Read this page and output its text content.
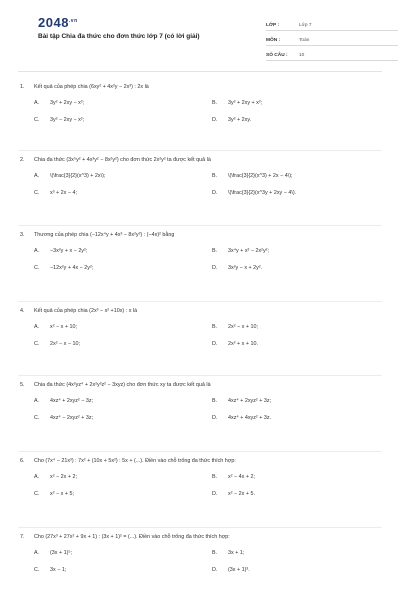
$2048^{.vn}$
Bài tập Chia đa thức cho đơn thức lớp 7 (có lời giải)
LỚP :	Lớp 7
MÔN :	Toán
SỐ CÂU :	10
1.	Kết quả của phép chia (6xy² + 4x²y − 2x³) : 2x là
A.	3y² + 2xy − x²;	B.	3y² + 2xy + x²;
C.	3y² − 2xy − x²;	D.	3y² + 2xy.
2.	Chia đa thức (3x⁵y² + 4x³y² − 8x²y²) cho đơn thức 2x²y² ta được kết quả là
A.	\(\frac{3}{2}(x^3) + 2x\);	B.	\(\frac{3}{2}(x^3) + 2x − 4\);
C.	x³ + 2x − 4;	D.	\(\frac{3}{2}(x^3y + 2xy − 4\).
3.	Thương của phép chia (−12x⁴y + 4x³ − 8x²y²) : (−4x)² bằng
A.	−3x²y + x − 2y²;	B.	3x⁴y + x³ − 2x²y²;
C.	−12x²y + 4x − 2y²;	D.	3x²y − x + 2y².
4.	Kết quả của phép chia (2x³ − x² +10x) : x là
A.	x² − x + 10;	B.	2x² − x + 10;
C.	2x² − x − 10;	D.	2x² + x + 10.
5.	Chia đa thức (4x²yz⁴ + 2x²y²z² − 3xyz) cho đơn thức xy ta được kết quả là
A.	4xz⁴ + 2xyz² − 3z;	B.	4xz⁴ + 2xyz² + 3z;
C.	4xz⁴ − 2xyz² + 3z;	D.	4xz⁴ + 4xyz² + 3z.
6.	Cho (7x⁴ − 21x³) : 7x² + (10x + 5x²) : 5x + (...). Điền vào chỗ trống đa thức thích hợp:
A.	x² − 2x + 2;	B.	x² − 4x + 2;
C.	x² − x + 5;	D.	x² − 2x + 5.
7.	Cho (27x³ + 27x² + 9x + 1) : (3x + 1)² = (...). Điền vào chỗ trống đa thức thích hợp:
A.	(3x + 1)⁵;	B.	3x + 1;
C.	3x − 1;	D.	(3x + 1)³.
